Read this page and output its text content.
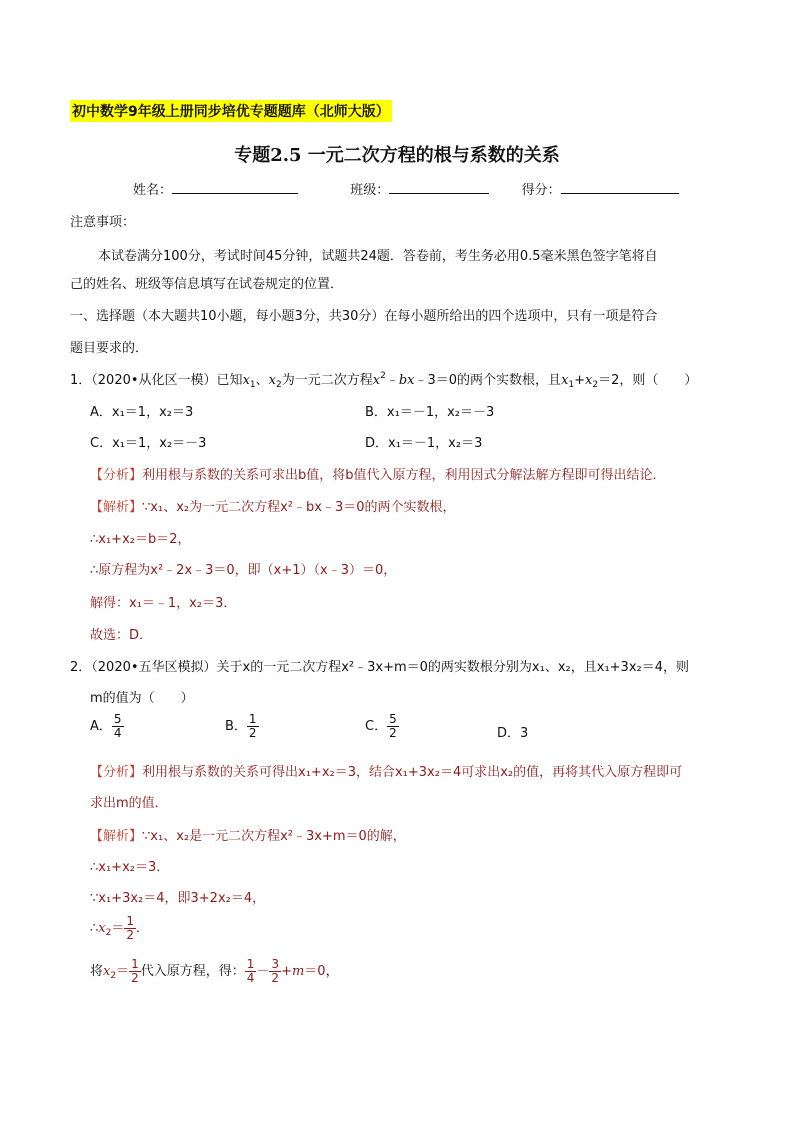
初中数学9年级上册同步培优专题题库（北师大版）
专题2.5 一元二次方程的根与系数的关系
姓名：	班级：	得分：
注意事项：
本试卷满分100分，考试时间45分钟，试题共24题．答卷前，考生务必用0.5毫米黑色签字笔将自
己的姓名、班级等信息填写在试卷规定的位置．
一、选择题（本大题共10小题，每小题3分，共30分）在每小题所给出的四个选项中，只有一项是符合
题目要求的．
1．（2020•从化区一模）已知$x_1$、$x_2$为一元二次方程$x^2﹣bx﹣3=0$的两个实数根，且$x_1+x_2=2$，则（　　）
A．x₁＝1，x₂＝3	B．x₁＝－1，x₂＝－3
C．x₁＝1，x₂＝－3	D．x₁＝－1，x₂＝3
【分析】利用根与系数的关系可求出b值，将b值代入原方程，利用因式分解法解方程即可得出结论．
【解析】∵x₁、x₂为一元二次方程x²﹣bx﹣3＝0的两个实数根，
∴x₁+x₂＝b＝2，
∴原方程为x²﹣2x﹣3＝0，即（x+1）（x﹣3）＝0，
解得：x₁＝﹣1，x₂＝3．
故选：D．
2．（2020•五华区模拟）关于x的一元二次方程x²﹣3x+m＝0的两实数根分别为x₁、x₂，且x₁+3x₂＝4，则
m的值为（　　）
A． $\frac{5}{4}$	B． $\frac{1}{2}$	C． $\frac{5}{2}$	D．3
【分析】利用根与系数的关系可得出x₁+x₂＝3，结合x₁+3x₂＝4可求出x₂的值，再将其代入原方程即可
求出m的值．
【解析】∵x₁、x₂是一元二次方程x²﹣3x+m＝0的解，
∴x₁+x₂＝3．
∵x₁+3x₂＝4，即3+2x₂＝4，
$\therefore x_2= \frac{1}{2}$ ．
将$x_2= \frac{1}{2}$ 代入原方程，得： $\frac{1}{4} - \frac{3}{2} +m=0$，
